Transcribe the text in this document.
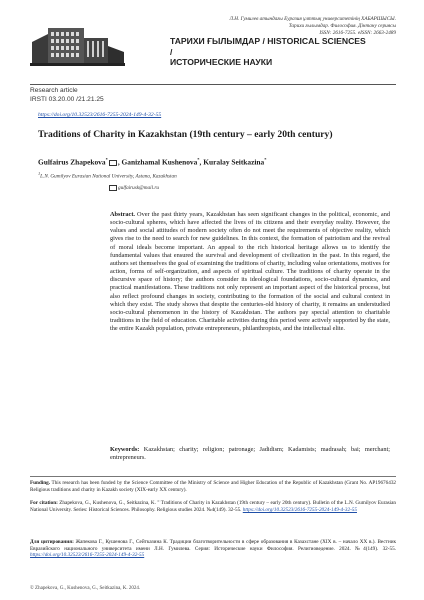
Л.Н. Гумилев атындағы Еуразия ұлттық университетінің ХАБАРШЫСЫ.
Тарихи ғылымдар. Философия. Дінтану сериясы
ISSN: 2616-7255. eISSN: 2663-2489
ТАРИХИ ҒЫЛЫМДАР / HISTORICAL SCIENCES /
ИСТОРИЧЕСКИЕ НАУКИ
Research article
IRSTI 03.20.00 /21.21.25
https://doi.org/10.32523/2616-7255-2024-149-4-32-55
Traditions of Charity in Kazakhstan (19th century – early 20th century)
Gulfairus Zhapekova* , Ganizhamal Kushenova*, Kuralay Seitkazina*
$^1$L.N. Gumilyov Eurasian National University, Astana, Kazakhstan
gulfairusk@mail.ru
Abstract. Over the past thirty years, Kazakhstan has seen significant changes in the political, economic, and socio-cultural spheres, which have affected the lives of its citizens and their everyday reality. However, the values and social attitudes of modern society often do not meet the requirements of objective reality, which gives rise to the need to search for new guidelines. In this context, the formation of patriotism and the revival of moral ideals become important. An appeal to the rich historical heritage allows us to identify the fundamental values that ensured the survival and development of civilization in the past. In this regard, the authors set themselves the goal of examining the traditions of charity, including value orientations, motives for action, forms of self-organization, and aspects of spiritual culture. The traditions of charity operate in the discursive space of history; the authors consider its ideological foundations, socio-cultural dynamics, and practical manifestations. These traditions not only represent an important aspect of the historical process, but also reflect profound changes in society, contributing to the formation of the social and cultural context in which they exist. The study shows that despite the centuries-old history of charity, it remains an understudied socio-cultural phenomenon in the history of Kazakhstan. The authors pay special attention to charitable traditions in the field of education. Charitable activities during this period were actively supported by the state, the entire Kazakh population, private entrepreneurs, philanthropists, and the intellectual elite.
Keywords: Kazakhstan; charity; religion; patronage; Jadidism; Kadamists; madrasah; bai; merchant; entrepreneurs.
Funding. This research has been funded by the Science Committee of the Ministry of Science and Higher Education of the Republic of Kazakhstan (Grant No. AP19676432 Religious traditions and charity in Kazakh society (XIX-early XX century).
For citation: Zhapekova, G., Kushenova, G., Seitkazina, K. " Traditions of Charity in Kazakhstan (19th century – early 20th century). Bulletin of the L.N. Gumilyov Eurasian National University. Series: Historical Sciences. Philosophy. Religious studies 2024. №4(149). 32-55. https://doi.org/10.32523/2616-7255-2024-149-4-32-55
Для цитирования: Жапекова Г., Кушенова Г., Сейтказина К. Традиции благотворительности в сфере образования в Казахстане (XIX в. – начало XX в.). Вестник Евразийского национального университета имени Л.Н. Гумилева. Серия: Исторические науки Философия. Религиоведение. 2024. №4(149). 32-55. https://doi.org/10.32523/2616-7255-2024-149-4-32-55
© Zhapekova, G., Kushenova, G., Seitkazina, K. 2024.
